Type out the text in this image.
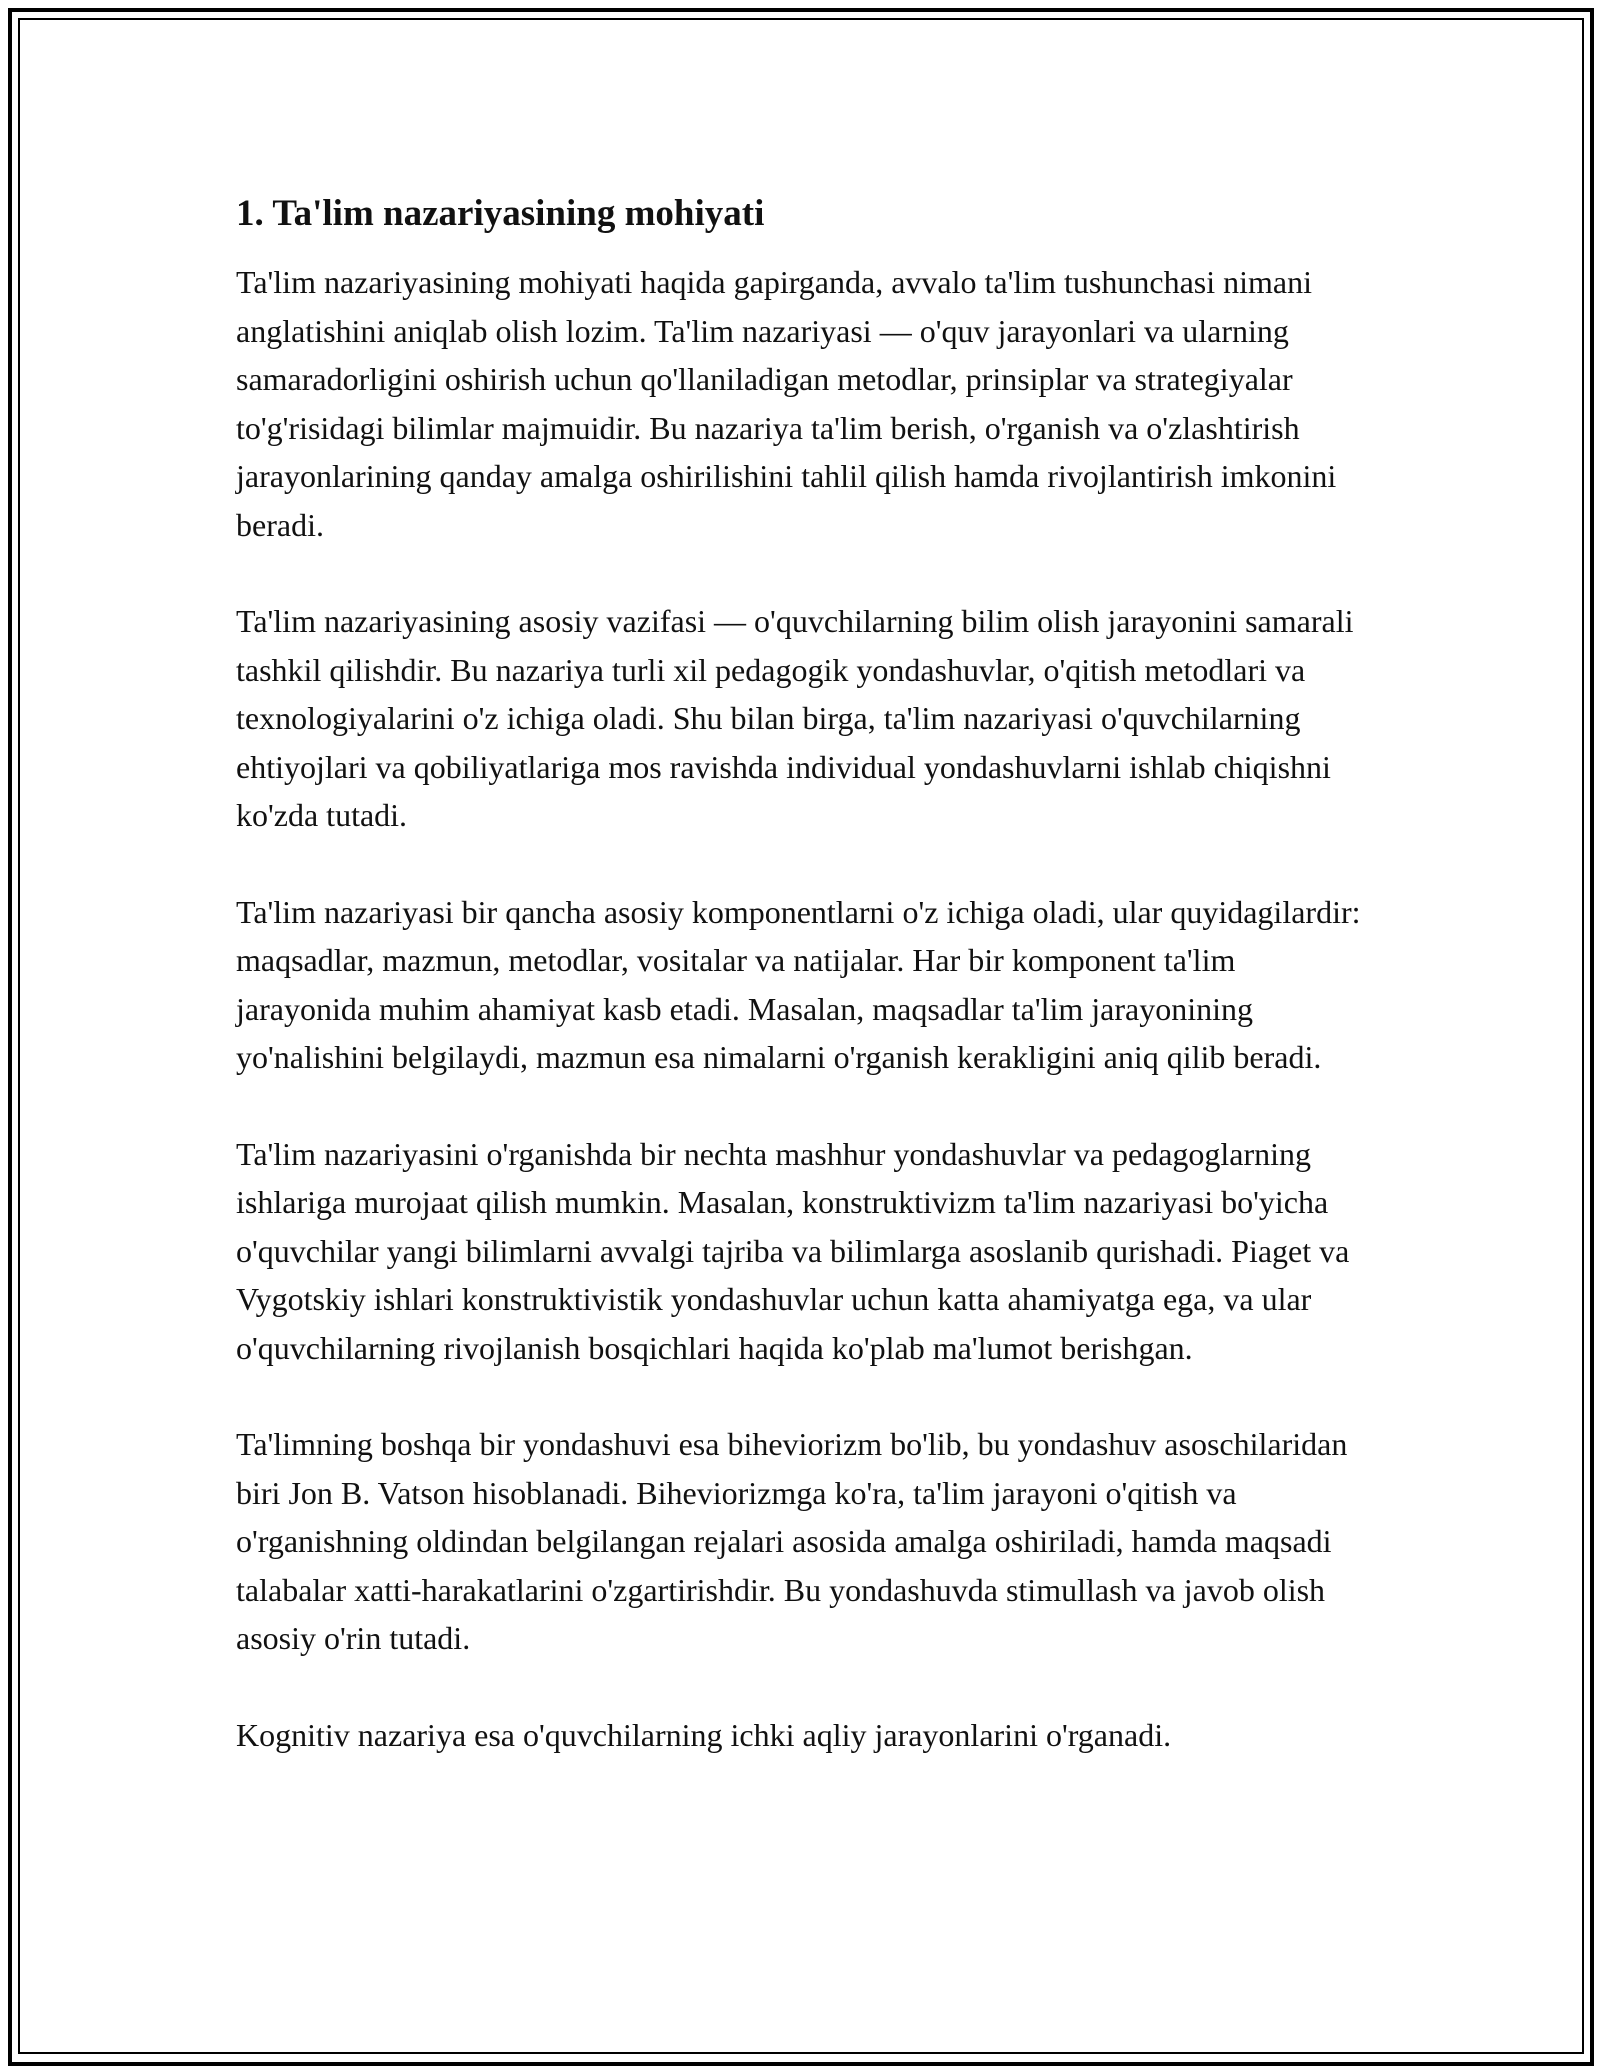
1. Ta'lim nazariyasining mohiyati

Ta'lim nazariyasining mohiyati haqida gapirganda, avvalo ta'lim tushunchasi nimani anglatishini aniqlab olish lozim. Ta'lim nazariyasi — o'quv jarayonlari va ularning samaradorligini oshirish uchun qo'llaniladigan metodlar, prinsiplar va strategiyalar to'g'risidagi bilimlar majmuidir. Bu nazariya ta'lim berish, o'rganish va o'zlashtirish jarayonlarining qanday amalga oshirilishini tahlil qilish hamda rivojlantirish imkonini beradi.

Ta'lim nazariyasining asosiy vazifasi — o'quvchilarning bilim olish jarayonini samarali tashkil qilishdir. Bu nazariya turli xil pedagogik yondashuvlar, o'qitish metodlari va texnologiyalarini o'z ichiga oladi. Shu bilan birga, ta'lim nazariyasi o'quvchilarning ehtiyojlari va qobiliyatlariga mos ravishda individual yondashuvlarni ishlab chiqishni ko'zda tutadi.

Ta'lim nazariyasi bir qancha asosiy komponentlarni o'z ichiga oladi, ular quyidagilardir: maqsadlar, mazmun, metodlar, vositalar va natijalar. Har bir komponent ta'lim jarayonida muhim ahamiyat kasb etadi. Masalan, maqsadlar ta'lim jarayonining yo'nalishini belgilaydi, mazmun esa nimalarni o'rganish kerakligini aniq qilib beradi.

Ta'lim nazariyasini o'rganishda bir nechta mashhur yondashuvlar va pedagoglarning ishlariga murojaat qilish mumkin. Masalan, konstruktivizm ta'lim nazariyasi bo'yicha o'quvchilar yangi bilimlarni avvalgi tajriba va bilimlarga asoslanib qurishadi. Piaget va Vygotskiy ishlari konstruktivistik yondashuvlar uchun katta ahamiyatga ega, va ular o'quvchilarning rivojlanish bosqichlari haqida ko'plab ma'lumot berishgan.

Ta'limning boshqa bir yondashuvi esa biheviorizm bo'lib, bu yondashuv asoschilaridan biri Jon B. Vatson hisoblanadi. Biheviorizmga ko'ra, ta'lim jarayoni o'qitish va o'rganishning oldindan belgilangan rejalari asosida amalga oshiriladi, hamda maqsadi talabalar xatti-harakatlarini o'zgartirishdir. Bu yondashuvda stimullash va javob olish asosiy o'rin tutadi.

Kognitiv nazariya esa o'quvchilarning ichki aqliy jarayonlarini o'rganadi.
